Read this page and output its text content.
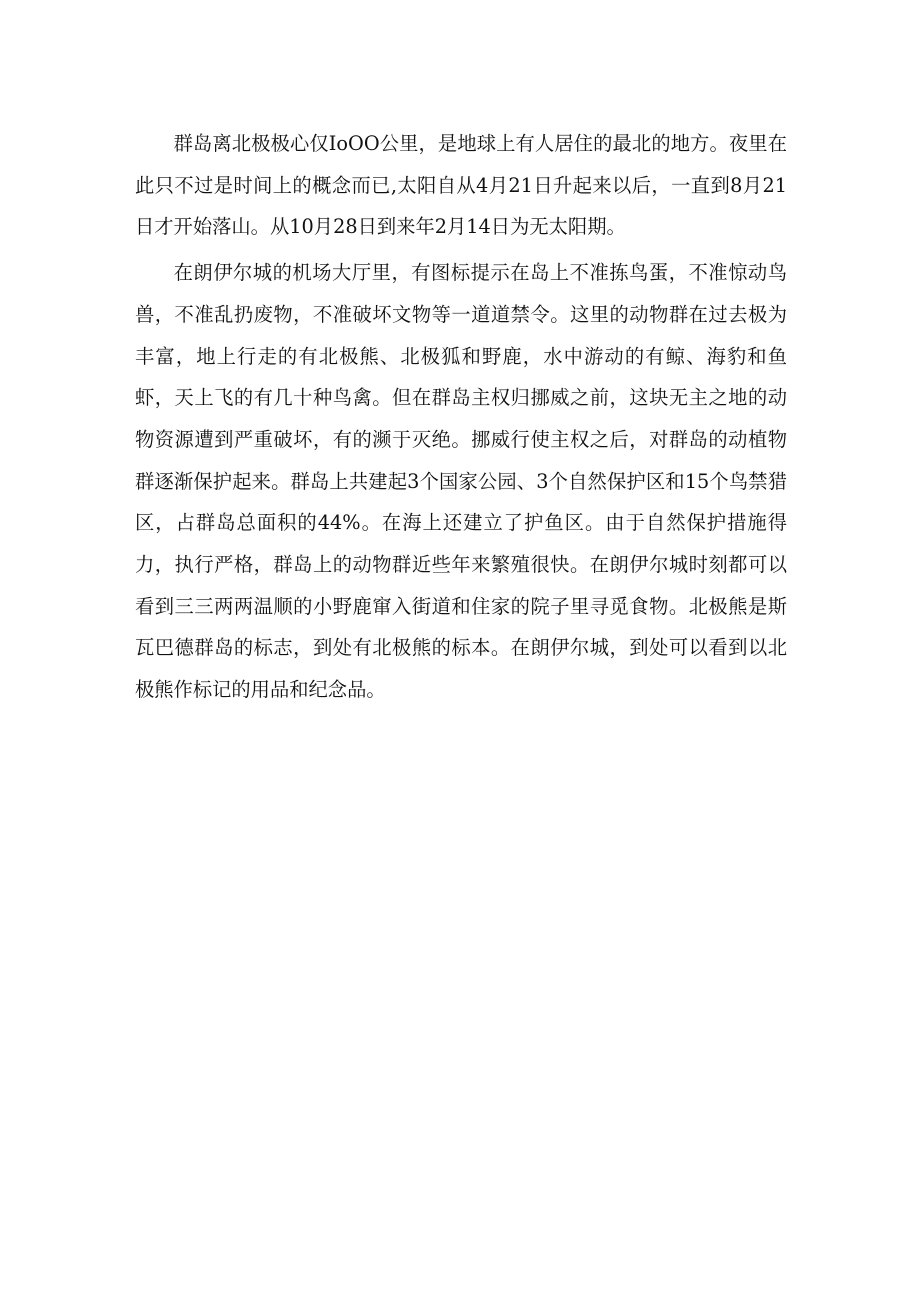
群岛离北极极心仅IoOO公里，是地球上有人居住的最北的地方。夜里在此只不过是时间上的概念而已,太阳自从4月21日升起来以后，一直到8月21日才开始落山。从10月28日到来年2月14日为无太阳期。

在朗伊尔城的机场大厅里，有图标提示在岛上不准拣鸟蛋，不准惊动鸟兽，不准乱扔废物，不准破坏文物等一道道禁令。这里的动物群在过去极为丰富，地上行走的有北极熊、北极狐和野鹿，水中游动的有鲸、海豹和鱼虾，天上飞的有几十种鸟禽。但在群岛主权归挪威之前，这块无主之地的动物资源遭到严重破坏，有的濒于灭绝。挪威行使主权之后，对群岛的动植物群逐渐保护起来。群岛上共建起3个国家公园、3个自然保护区和15个鸟禁猎区，占群岛总面积的44%。在海上还建立了护鱼区。由于自然保护措施得力，执行严格，群岛上的动物群近些年来繁殖很快。在朗伊尔城时刻都可以看到三三两两温顺的小野鹿窜入街道和住家的院子里寻觅食物。北极熊是斯瓦巴德群岛的标志，到处有北极熊的标本。在朗伊尔城，到处可以看到以北极熊作标记的用品和纪念品。
